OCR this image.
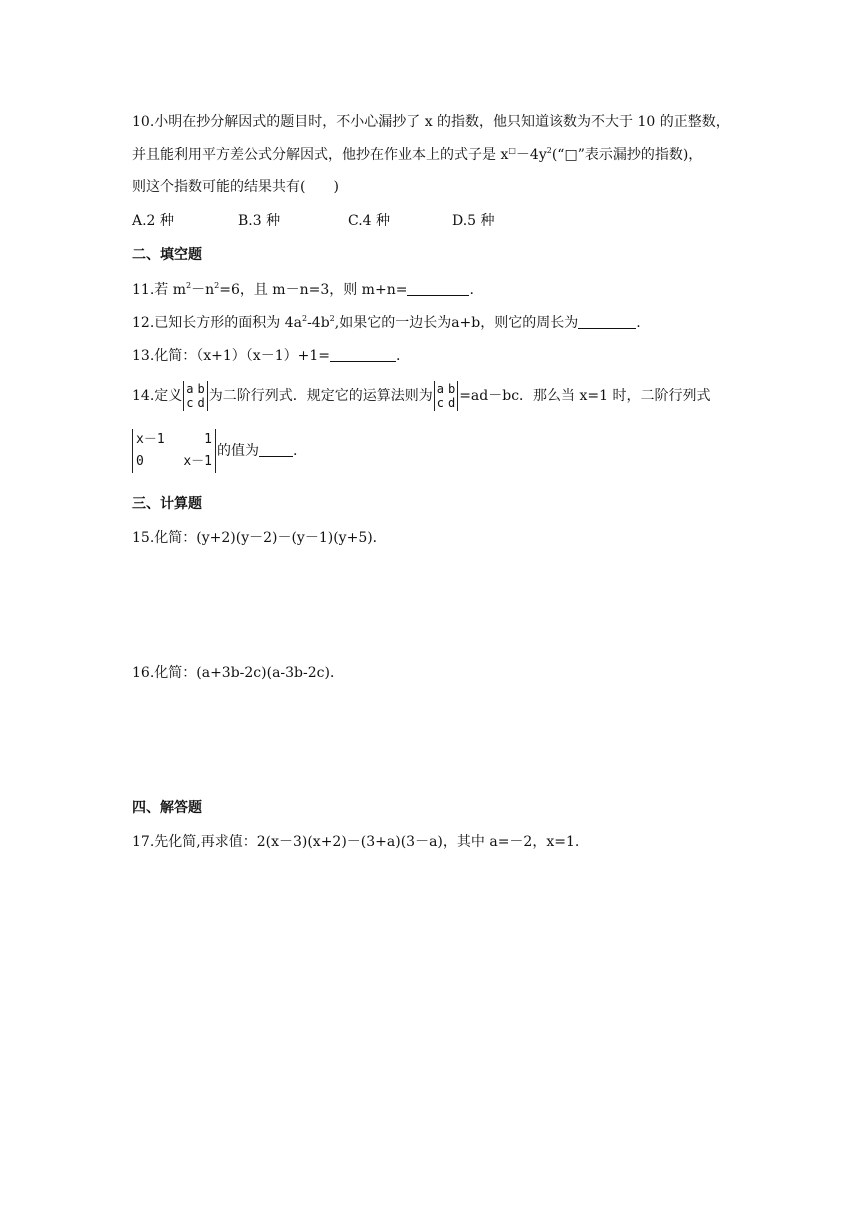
10.小明在抄分解因式的题目时，不小心漏抄了 x 的指数，他只知道该数为不大于 10 的正整数，
并且能利用平方差公式分解因式，他抄在作业本上的式子是 $x^□-4y^2(“□$”表示漏抄的指数)，
则这个指数可能的结果共有(　　)
A.2 种	B.3 种	C.4 种	D.5 种
二、填空题
11.若 $m^2-n^2=6$，且 m－n=3，则 m+n=	.
12.已知长方形的面积为 $4a^2-4b^2$,如果它的一边长为a+b，则它的周长为	.
13.化简：（x+1）（x－1）+1=	.
14.定义 a b
c d 为二阶行列式．规定它的运算法则为 a b
c d =ad－bc．那么当 x=1 时，二阶行列式
x－1	1
0	x－1
的值为 .
三、计算题
15.化简：(y+2)(y－2)－(y－1)(y+5)．
16.化简：(a+3b-2c)(a-3b-2c)．
四、解答题
17.先化简,再求值：2(x－3)(x+2)－(3+a)(3－a)，其中 a=－2，x=1.
